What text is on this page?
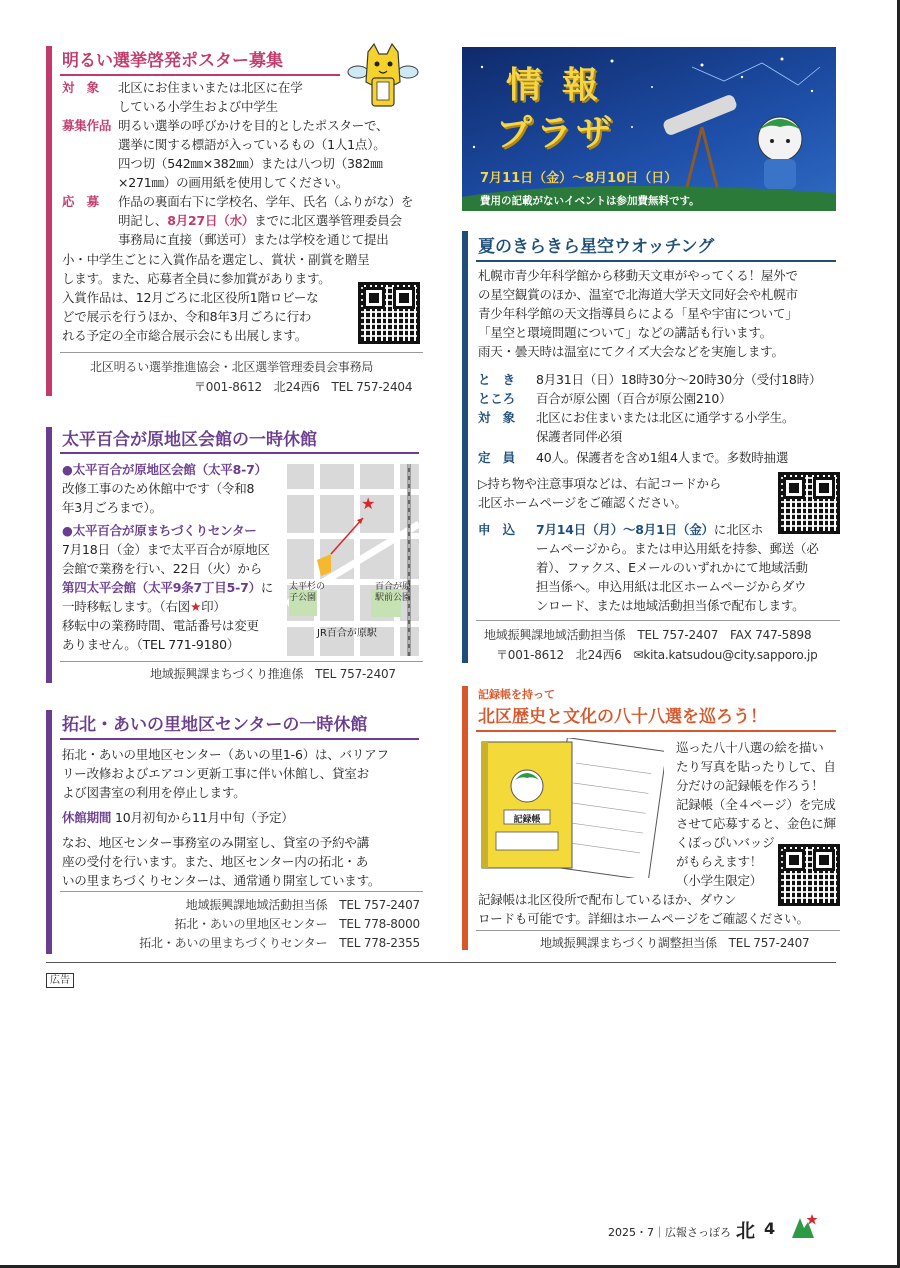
明るい選挙啓発ポスター募集
対　象 北区にお住まいまたは北区に在学
している小学生および中学生
募集作品 明るい選挙の呼びかけを目的としたポスターで、
選挙に関する標語が入っているもの（1人1点）。
四つ切（542㎜×382㎜）または八つ切（382㎜
×271㎜）の画用紙を使用してください。
応　募 作品の裏面右下に学校名、学年、氏名（ふりがな）を
明記し、8月27日（水）までに北区選挙管理委員会
事務局に直接（郵送可）または学校を通じて提出
小・中学生ごとに入賞作品を選定し、賞状・副賞を贈呈
します。また、応募者全員に参加賞があります。
入賞作品は、12月ごろに北区役所1階ロビーな
どで展示を行うほか、令和8年3月ごろに行わ
れる予定の全市総合展示会にも出展します。
北区明るい選挙推進協会・北区選挙管理委員会事務局
〒001-8612　北24西6　TEL 757-2404
太平百合が原地区会館の一時休館
●太平百合が原地区会館（太平8-7）
改修工事のため休館中です（令和8
年3月ごろまで）。
●太平百合が原まちづくりセンター
7月18日（金）まで太平百合が原地区
会館で業務を行い、22日（火）から
第四太平会館（太平9条7丁目5-7）に
一時移転します。（右図★印）
移転中の業務時間、電話番号は変更
ありません。（TEL 771-9180）
★
太平杉の
子公園
百合が原
駅前公園
JR百合が原駅
地域振興課まちづくり推進係　TEL 757-2407
拓北・あいの里地区センターの一時休館
拓北・あいの里地区センター（あいの里1-6）は、バリアフ
リー改修およびエアコン更新工事に伴い休館し、貸室お
よび図書室の利用を停止します。
休館期間 10月初旬から11月中旬（予定）
なお、地区センター事務室のみ開室し、貸室の予約や講
座の受付を行います。また、地区センター内の拓北・あ
いの里まちづくりセンターは、通常通り開室しています。
地域振興課地域活動担当係　 TEL 757-2407
拓北・あいの里地区センター　 TEL 778-8000
拓北・あいの里まちづくりセンター　 TEL 778-2355
情報
プラザ
7月11日（金）～8月10日（日）
費用の記載がないイベントは参加費無料です。
夏のきらきら星空ウオッチング
札幌市青少年科学館から移動天文車がやってくる！屋外で
の星空観賞のほか、温室で北海道大学天文同好会や札幌市
青少年科学館の天文指導員らによる「星や宇宙について」
「星空と環境問題について」などの講話も行います。
雨天・曇天時は温室にてクイズ大会などを実施します。
と　き 8月31日（日）18時30分～20時30分（受付18時）
ところ 百合が原公園（百合が原公園210）
対　象 北区にお住まいまたは北区に通学する小学生。
保護者同伴必須
定　員 40人。保護者を含め1組4人まで。多数時抽選
▷持ち物や注意事項などは、右記コードから
北区ホームページをご確認ください。
申　込 7月14日（月）～8月1日（金）に北区ホ
ームページから。または申込用紙を持参、郵送（必
着）、ファクス、Eメールのいずれかにて地域活動
担当係へ。申込用紙は北区ホームページからダウ
ンロード、または地域活動担当係で配布します。
地域振興課地域活動担当係　TEL 757-2407　FAX 747-5898
〒001-8612　北24西6　✉kita.katsudou@city.sapporo.jp
記録帳を持って
北区歴史と文化の八十八選を巡ろう！
記録帳
巡った八十八選の絵を描い
たり写真を貼ったりして、自
分だけの記録帳を作ろう！
記録帳（全４ページ）を完成
させて応募すると、金色に輝
くぽっぴいバッジ
がもらえます！
（小学生限定）
記録帳は北区役所で配布しているほか、ダウン
ロードも可能です。詳細はホームページをご確認ください。
地域振興課まちづくり調整担当係　TEL 757-2407
広告
2025・7｜広報さっぽろ 北 4
